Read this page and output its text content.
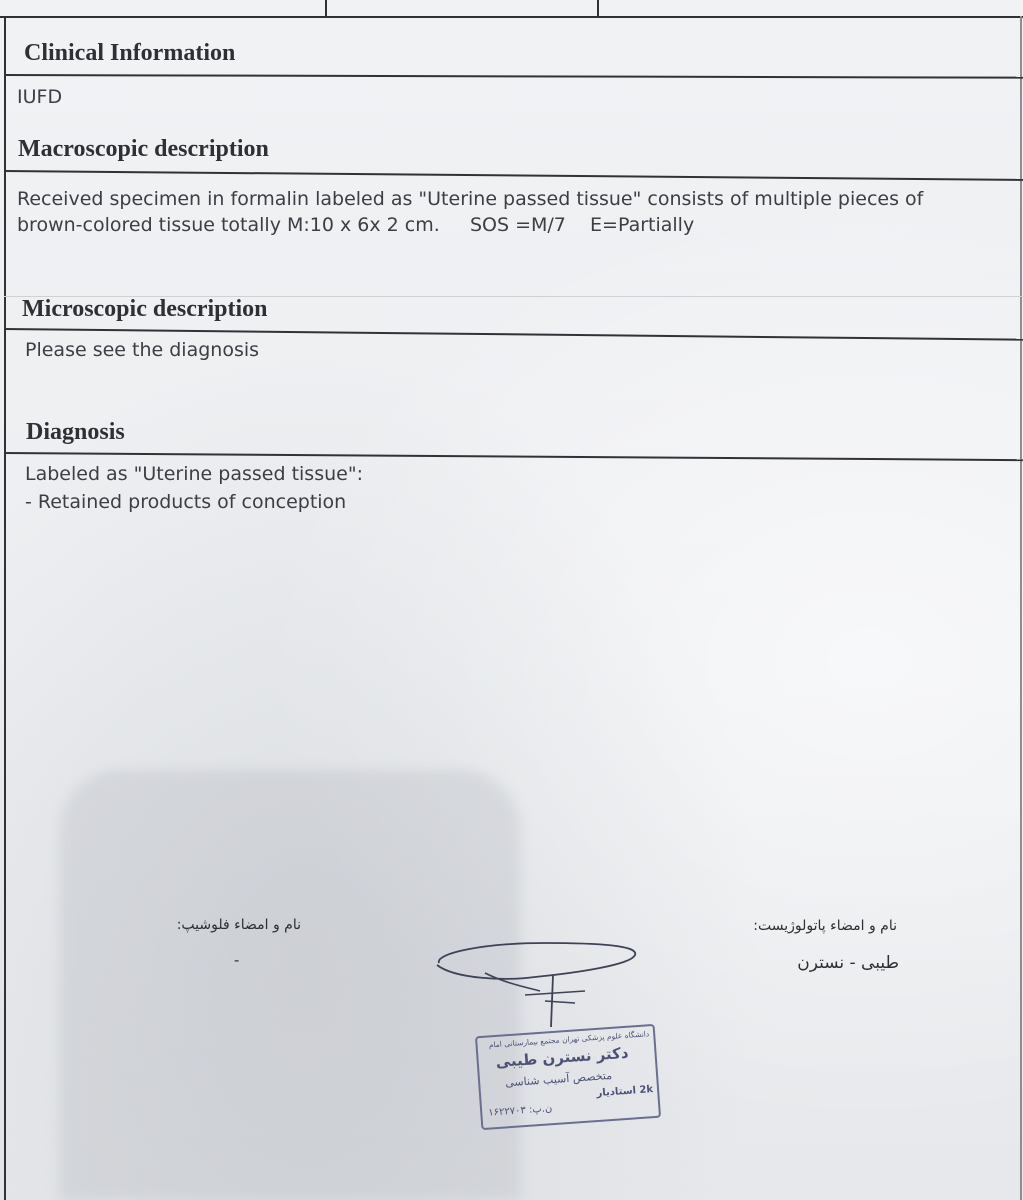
Clinical Information
IUFD
Macroscopic description
Received specimen in formalin labeled as "Uterine passed tissue" consists of multiple pieces of
brown-colored tissue totally M:10 x 6x 2 cm.     SOS =M/7    E=Partially
Microscopic description
Please see the diagnosis
Diagnosis
Labeled as "Uterine passed tissue":
- Retained products of conception
نام و امضاء فلوشیپ:
-
نام و امضاء پاتولوژیست:
طیبی - نسترن
دانشگاه علوم پزشکی تهران مجتمع بیمارستانی امام
دکتر نسترن طیبی
متخصص آسیب شناسی
2k استادیار
ن.پ: ۱۶۲۲۷۰۳
